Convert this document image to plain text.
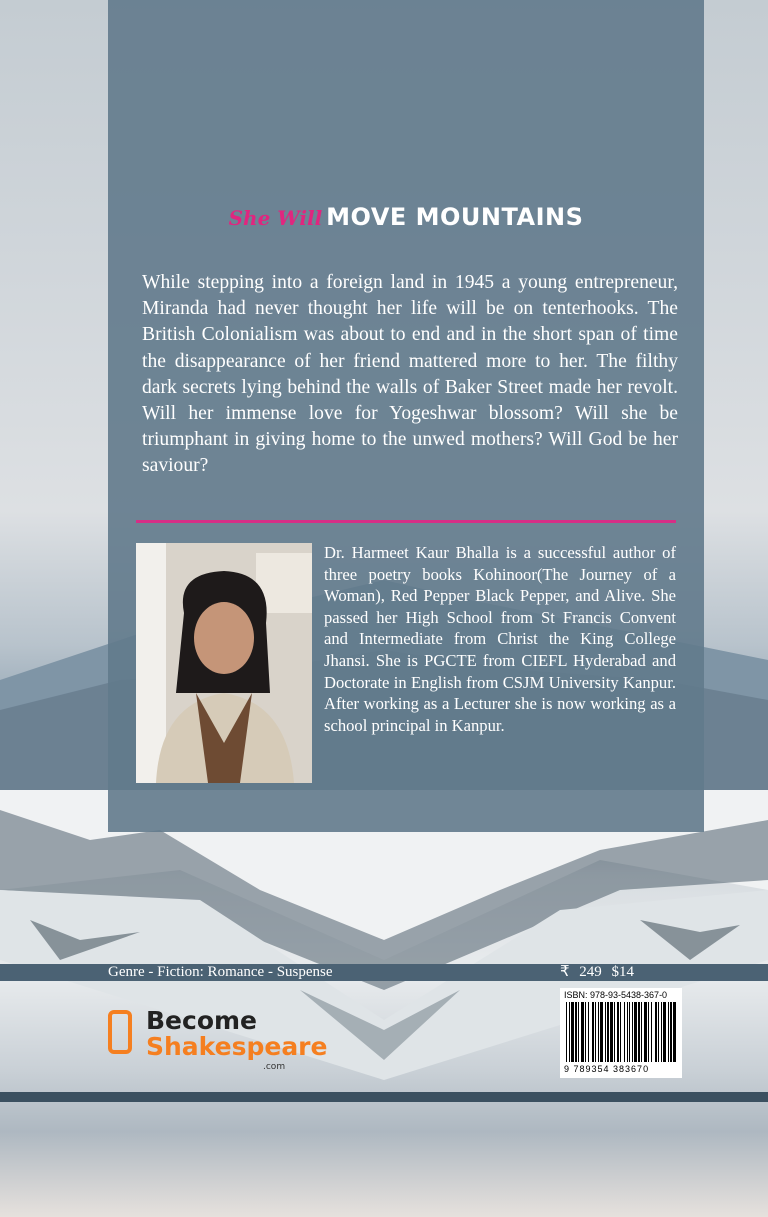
She Will MOVE MOUNTAINS

While stepping into a foreign land in 1945 a young entrepreneur, Miranda had never thought her life will be on tenterhooks. The British Colonialism was about to end and in the short span of time the disappearance of her friend mattered more to her. The filthy dark secrets lying behind the walls of Baker Street made her revolt. Will her immense love for Yogeshwar blossom? Will she be triumphant in giving home to the unwed mothers? Will God be her saviour?

Dr. Harmeet Kaur Bhalla is a successful author of three poetry books Kohinoor(The Journey of a Woman), Red Pepper Black Pepper, and Alive. She passed her High School from St Francis Convent and Intermediate from Christ the King College Jhansi. She is PGCTE from CIEFL Hyderabad and Doctorate in English from CSJM University Kanpur. After working as a Lecturer she is now working as a school principal in Kanpur.

Genre - Fiction: Romance - Suspense	₹ 249 $14
Become
Shakespeare
.com
ISBN: 978-93-5438-367-0
9 789354 383670
